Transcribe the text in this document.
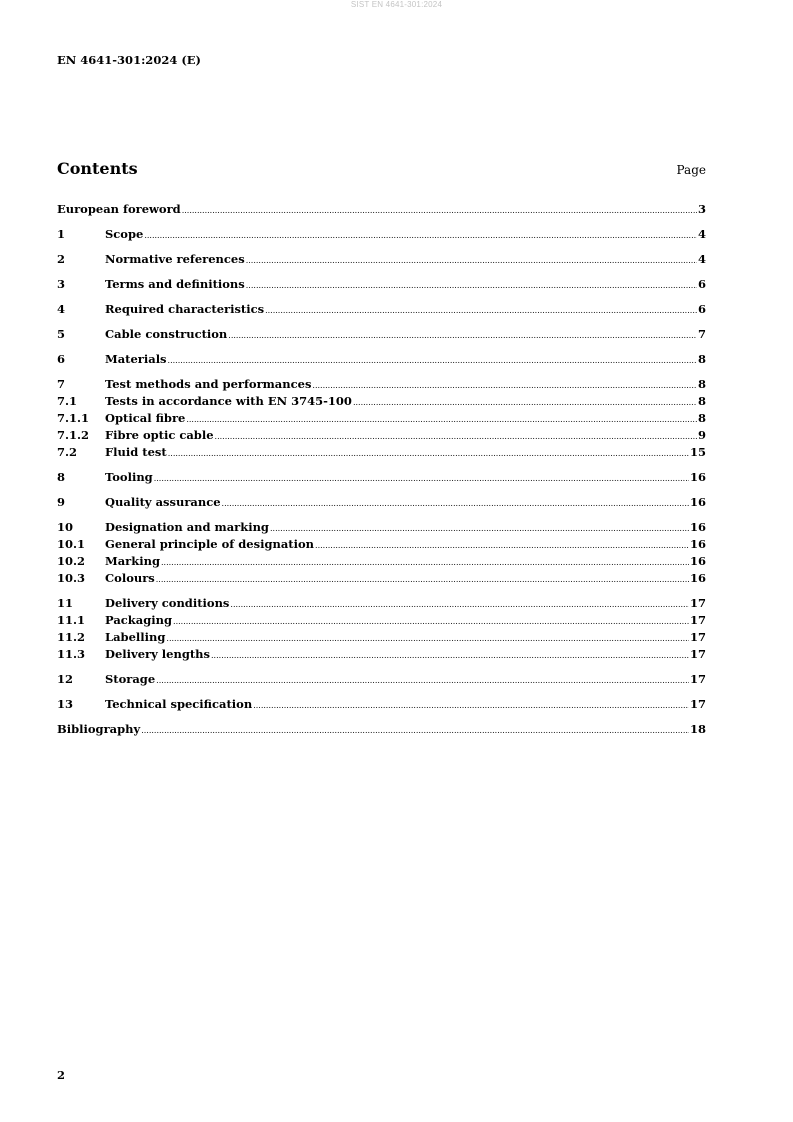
SIST EN 4641-301:2024
EN 4641-301:2024 (E)
Contents	Page
European foreword .....	3
1	Scope .....	4
2	Normative references .....	4
3	Terms and definitions .....	6
4	Required characteristics .....	6
5	Cable construction .....	7
6	Materials .....	8
7	Test methods and performances .....	8
7.1	Tests in accordance with EN 3745-100 .....	8
7.1.1	Optical fibre .....	8
7.1.2	Fibre optic cable .....	9
7.2	Fluid test .....	15
8	Tooling .....	16
9	Quality assurance .....	16
10	Designation and marking .....	16
10.1	General principle of designation .....	16
10.2	Marking .....	16
10.3	Colours .....	16
11	Delivery conditions .....	17
11.1	Packaging .....	17
11.2	Labelling .....	17
11.3	Delivery lengths .....	17
12	Storage .....	17
13	Technical specification .....	17
Bibliography .....	18
2
